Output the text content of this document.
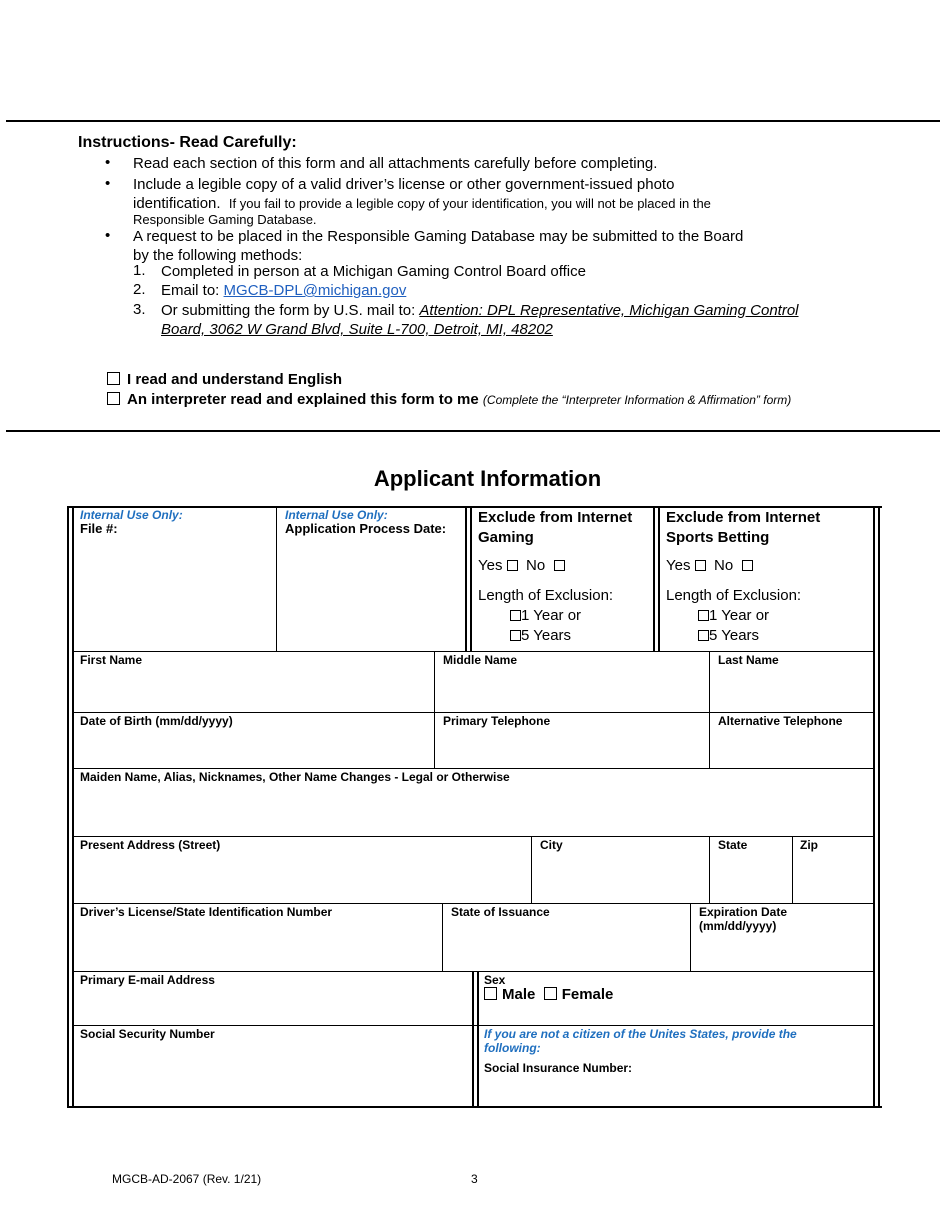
Instructions- Read Carefully:
• Read each section of this form and all attachments carefully before completing.
• Include a legible copy of a valid driver’s license or other government-issued photo
identification. If you fail to provide a legible copy of your identification, you will not be placed in the
Responsible Gaming Database.
• A request to be placed in the Responsible Gaming Database may be submitted to the Board
by the following methods:
1. Completed in person at a Michigan Gaming Control Board office
2. Email to: MGCB-DPL@michigan.gov
3. Or submitting the form by U.S. mail to: Attention: DPL Representative, Michigan Gaming Control
Board, 3062 W Grand Blvd, Suite L-700, Detroit, MI, 48202
I read and understand English
An interpreter read and explained this form to me (Complete the “Interpreter Information & Affirmation” form)
Applicant Information
Internal Use Only:
File #:
Internal Use Only:
Application Process Date:
Exclude from Internet
Gaming
Yes No
Length of Exclusion:
1 Year or
5 Years
Exclude from Internet
Sports Betting
Yes No
Length of Exclusion:
1 Year or
5 Years
First Name	Middle Name	Last Name
Date of Birth (mm/dd/yyyy)	Primary Telephone	Alternative Telephone
Maiden Name, Alias, Nicknames, Other Name Changes - Legal or Otherwise
Present Address (Street)	City	State	Zip
Driver’s License/State Identification Number	State of Issuance	Expiration Date
(mm/dd/yyyy)
Primary E-mail Address	Sex
Male Female
Social Security Number	If you are not a citizen of the Unites States, provide the
following:
Social Insurance Number:
MGCB-AD-2067 (Rev. 1/21)	3
